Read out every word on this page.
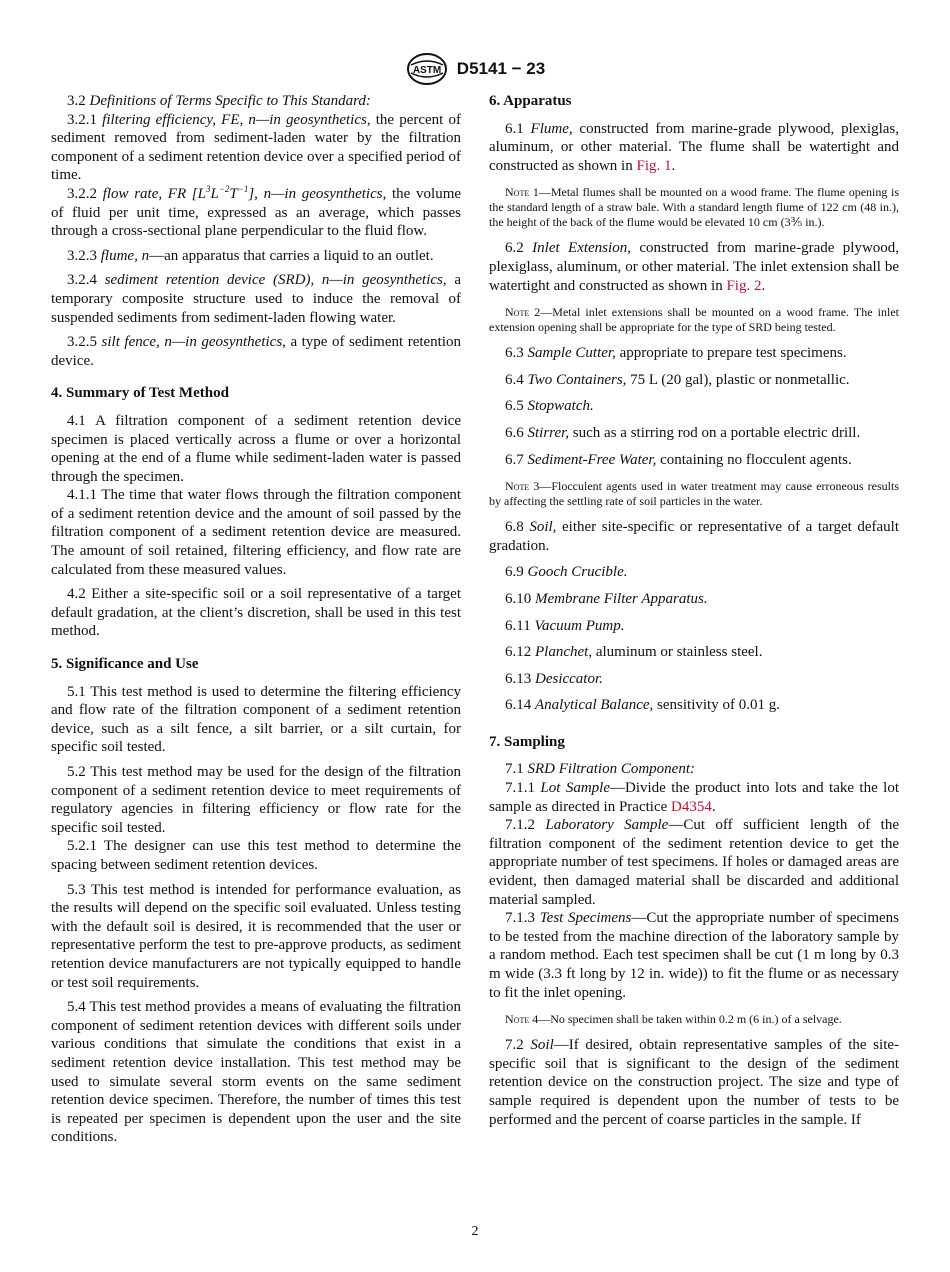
ASTM D5141 − 23
3.2 Definitions of Terms Specific to This Standard:
3.2.1 filtering efficiency, FE, n—in geosynthetics, the percent of sediment removed from sediment-laden water by the filtration component of a sediment retention device over a specified period of time.
3.2.2 flow rate, FR $[L^3L^{-2}T^{-1}]$, n—in geosynthetics, the volume of fluid per unit time, expressed as an average, which passes through a cross-sectional plane perpendicular to the fluid flow.
3.2.3 flume, n—an apparatus that carries a liquid to an outlet.
3.2.4 sediment retention device (SRD), n—in geosynthetics, a temporary composite structure used to induce the removal of suspended sediments from sediment-laden flowing water.
3.2.5 silt fence, n—in geosynthetics, a type of sediment retention device.
4. Summary of Test Method
4.1 A filtration component of a sediment retention device specimen is placed vertically across a flume or over a horizontal opening at the end of a flume while sediment-laden water is passed through the specimen.
4.1.1 The time that water flows through the filtration component of a sediment retention device and the amount of soil passed by the filtration component of a sediment retention device are measured. The amount of soil retained, filtering efficiency, and flow rate are calculated from these measured values.
4.2 Either a site-specific soil or a soil representative of a target default gradation, at the client’s discretion, shall be used in this test method.
5. Significance and Use
5.1 This test method is used to determine the filtering efficiency and flow rate of the filtration component of a sediment retention device, such as a silt fence, a silt barrier, or a silt curtain, for specific soil tested.
5.2 This test method may be used for the design of the filtration component of a sediment retention device to meet requirements of regulatory agencies in filtering efficiency or flow rate for the specific soil tested.
5.2.1 The designer can use this test method to determine the spacing between sediment retention devices.
5.3 This test method is intended for performance evaluation, as the results will depend on the specific soil evaluated. Unless testing with the default soil is desired, it is recommended that the user or representative perform the test to pre-approve products, as sediment retention device manufacturers are not typically equipped to handle or test soil requirements.
5.4 This test method provides a means of evaluating the filtration component of sediment retention devices with different soils under various conditions that simulate the conditions that exist in a sediment retention device installation. This test method may be used to simulate several storm events on the same sediment retention device specimen. Therefore, the number of times this test is repeated per specimen is dependent upon the user and the site conditions.
6. Apparatus
6.1 Flume, constructed from marine-grade plywood, plexiglas, aluminum, or other material. The flume shall be watertight and constructed as shown in Fig. 1.
Note 1—Metal flumes shall be mounted on a wood frame. The flume opening is the standard length of a straw bale. With a standard length flume of 122 cm (48 in.), the height of the back of the flume would be elevated 10 cm (3⅗ in.).
6.2 Inlet Extension, constructed from marine-grade plywood, plexiglass, aluminum, or other material. The inlet extension shall be watertight and constructed as shown in Fig. 2.
Note 2—Metal inlet extensions shall be mounted on a wood frame. The inlet extension opening shall be appropriate for the type of SRD being tested.
6.3 Sample Cutter, appropriate to prepare test specimens.
6.4 Two Containers, 75 L (20 gal), plastic or nonmetallic.
6.5 Stopwatch.
6.6 Stirrer, such as a stirring rod on a portable electric drill.
6.7 Sediment-Free Water, containing no flocculent agents.
Note 3—Flocculent agents used in water treatment may cause erroneous results by affecting the settling rate of soil particles in the water.
6.8 Soil, either site-specific or representative of a target default gradation.
6.9 Gooch Crucible.
6.10 Membrane Filter Apparatus.
6.11 Vacuum Pump.
6.12 Planchet, aluminum or stainless steel.
6.13 Desiccator.
6.14 Analytical Balance, sensitivity of 0.01 g.
7. Sampling
7.1 SRD Filtration Component:
7.1.1 Lot Sample—Divide the product into lots and take the lot sample as directed in Practice D4354.
7.1.2 Laboratory Sample—Cut off sufficient length of the filtration component of the sediment retention device to get the appropriate number of test specimens. If holes or damaged areas are evident, then damaged material shall be discarded and additional material sampled.
7.1.3 Test Specimens—Cut the appropriate number of specimens to be tested from the machine direction of the laboratory sample by a random method. Each test specimen shall be cut (1 m long by 0.3 m wide (3.3 ft long by 12 in. wide)) to fit the flume or as necessary to fit the inlet opening.
Note 4—No specimen shall be taken within 0.2 m (6 in.) of a selvage.
7.2 Soil—If desired, obtain representative samples of the site-specific soil that is significant to the design of the sediment retention device on the construction project. The size and type of sample required is dependent upon the number of tests to be performed and the percent of coarse particles in the sample. If
2
